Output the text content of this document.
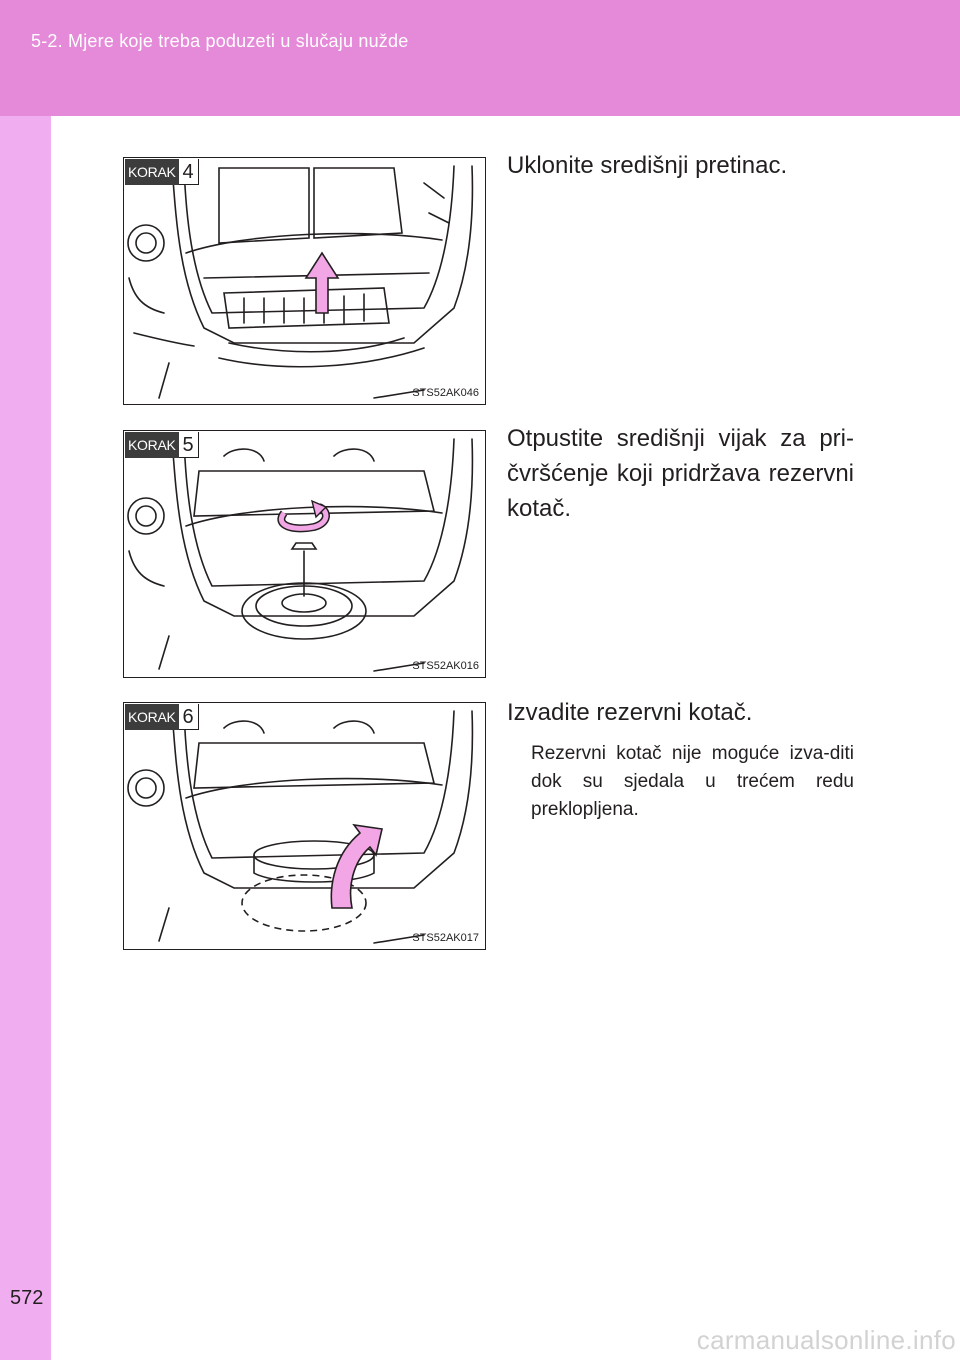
5-2. Mjere koje treba poduzeti u slučaju nužde
KORAK 4
STS52AK046
Uklonite središnji pretinac.
KORAK 5
STS52AK016
Otpustite središnji vijak za pri-čvršćenje koji pridržava rezervni kotač.
KORAK 6
STS52AK017
Izvadite rezervni kotač.
Rezervni kotač nije moguće izva-diti dok su sjedala u trećem redu preklopljena.
572
carmanualsonline.info
